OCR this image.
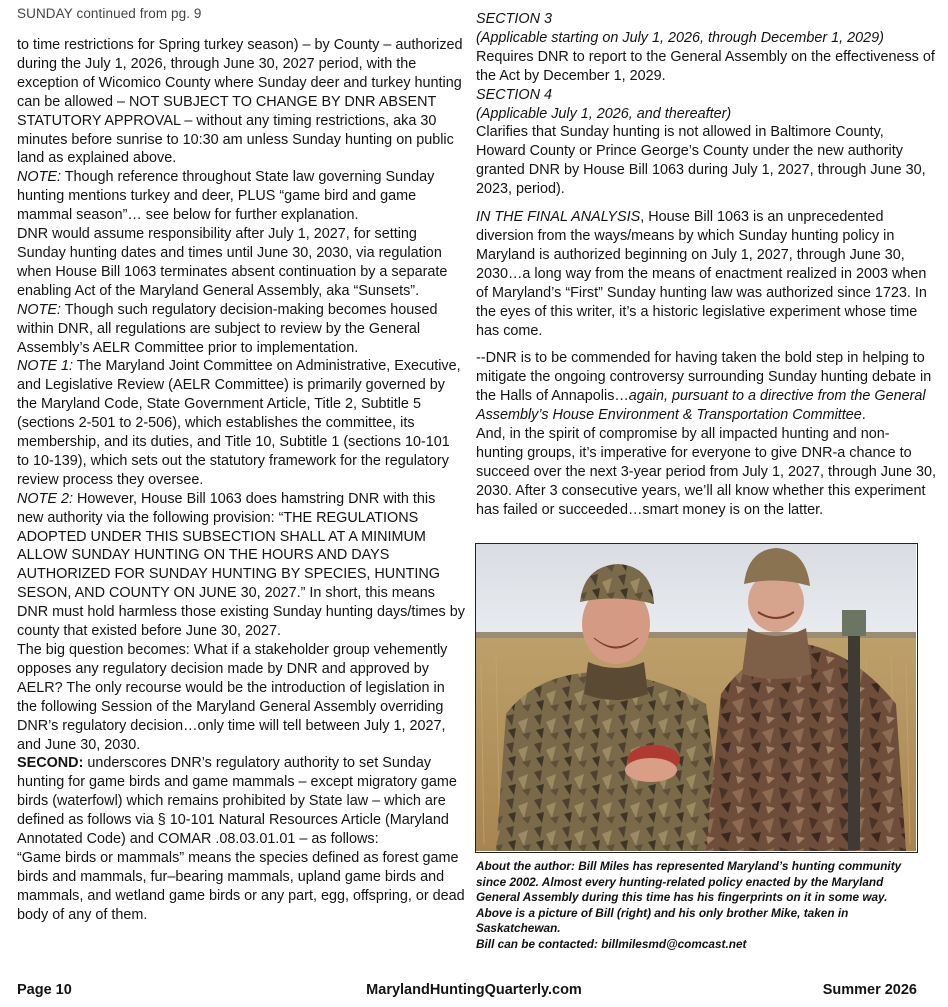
SUNDAY continued from pg. 9

to time restrictions for Spring turkey season) – by County – authorized during the July 1, 2026, through June 30, 2027 period, with the exception of Wicomico County where Sunday deer and turkey hunting can be allowed – NOT SUBJECT TO CHANGE BY DNR ABSENT STATUTORY APPROVAL – without any timing restrictions, aka 30 minutes before sunrise to 10:30 am unless Sunday hunting on public land as explained above.

NOTE: Though reference throughout State law governing Sunday hunting mentions turkey and deer, PLUS “game bird and game mammal season”… see below for further explanation.

DNR would assume responsibility after July 1, 2027, for setting Sunday hunting dates and times until June 30, 2030, via regulation when House Bill 1063 terminates absent continuation by a separate enabling Act of the Maryland General Assembly, aka “Sunsets”.

NOTE: Though such regulatory decision-making becomes housed within DNR, all regulations are subject to review by the General Assembly’s AELR Committee prior to implementation.

NOTE 1: The Maryland Joint Committee on Administrative, Executive, and Legislative Review (AELR Committee) is primarily governed by the Maryland Code, State Government Article, Title 2, Subtitle 5 (sections 2-501 to 2-506), which establishes the committee, its membership, and its duties, and Title 10, Subtitle 1 (sections 10-101 to 10-139), which sets out the statutory framework for the regulatory review process they oversee.

NOTE 2: However, House Bill 1063 does hamstring DNR with this new authority via the following provision: “THE REGULATIONS ADOPTED UNDER THIS SUBSECTION SHALL AT A MINIMUM ALLOW SUNDAY HUNTING ON THE HOURS AND DAYS AUTHORIZED FOR SUNDAY HUNTING BY SPECIES, HUNTING SESON, AND COUNTY ON JUNE 30, 2027.” In short, this means DNR must hold harmless those existing Sunday hunting days/times by county that existed before June 30, 2027.

The big question becomes: What if a stakeholder group vehemently opposes any regulatory decision made by DNR and approved by AELR? The only recourse would be the introduction of legislation in the following Session of the Maryland General Assembly overriding DNR’s regulatory decision…only time will tell between July 1, 2027, and June 30, 2030.

SECOND: underscores DNR’s regulatory authority to set Sunday hunting for game birds and game mammals – except migratory game birds (waterfowl) which remains prohibited by State law – which are defined as follows via § 10-101 Natural Resources Article (Maryland Annotated Code) and COMAR .08.03.01.01 – as follows:

“Game birds or mammals” means the species defined as forest game birds and mammals, fur–bearing mammals, upland game birds and mammals, and wetland game birds or any part, egg, offspring, or dead body of any of them.

SECTION 3

(Applicable starting on July 1, 2026, through December 1, 2029)

Requires DNR to report to the General Assembly on the effectiveness of the Act by December 1, 2029.

SECTION 4

(Applicable July 1, 2026, and thereafter)

Clarifies that Sunday hunting is not allowed in Baltimore County, Howard County or Prince George’s County under the new authority granted DNR by House Bill 1063 during July 1, 2027, through June 30, 2023, period).

IN THE FINAL ANALYSIS, House Bill 1063 is an unprecedented diversion from the ways/means by which Sunday hunting policy in Maryland is authorized beginning on July 1, 2027, through June 30, 2030…a long way from the means of enactment realized in 2003 when of Maryland’s “First” Sunday hunting law was authorized since 1723. In the eyes of this writer, it’s a historic legislative experiment whose time has come.

--DNR is to be commended for having taken the bold step in helping to mitigate the ongoing controversy surrounding Sunday hunting debate in the Halls of Annapolis…again, pursuant to a directive from the General Assembly’s House Environment & Transportation Committee.

And, in the spirit of compromise by all impacted hunting and non-hunting groups, it’s imperative for everyone to give DNR-a chance to succeed over the next 3-year period from July 1, 2027, through June 30, 2030. After 3 consecutive years, we’ll all know whether this experiment has failed or succeeded…smart money is on the latter.

About the author: Bill Miles has represented Maryland’s hunting community since 2002. Almost every hunting-related policy enacted by the Maryland General Assembly during this time has his fingerprints on it in some way. Above is a picture of Bill (right) and his only brother Mike, taken in Saskatchewan.

Bill can be contacted: billmilesmd@comcast.net

MarylandHuntingQuarterly.com
Page 10	Summer 2026
